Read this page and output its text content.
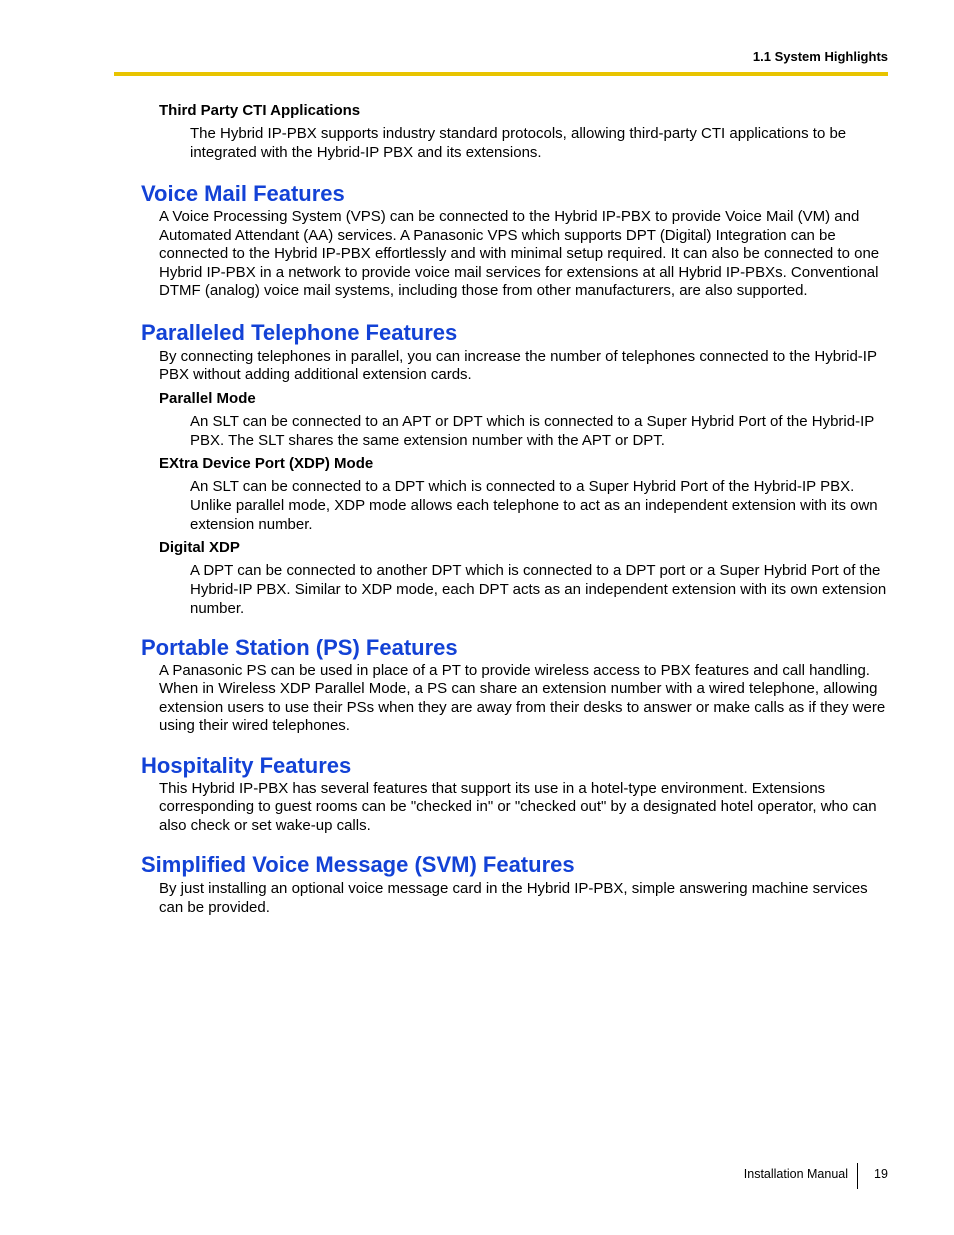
1.1 System Highlights
Third Party CTI Applications
The Hybrid IP-PBX supports industry standard protocols, allowing third-party CTI applications to be integrated with the Hybrid-IP PBX and its extensions.
Voice Mail Features
A Voice Processing System (VPS) can be connected to the Hybrid IP-PBX to provide Voice Mail (VM) and Automated Attendant (AA) services. A Panasonic VPS which supports DPT (Digital) Integration can be connected to the Hybrid IP-PBX effortlessly and with minimal setup required. It can also be connected to one Hybrid IP-PBX in a network to provide voice mail services for extensions at all Hybrid IP-PBXs. Conventional DTMF (analog) voice mail systems, including those from other manufacturers, are also supported.
Paralleled Telephone Features
By connecting telephones in parallel, you can increase the number of telephones connected to the Hybrid-IP PBX without adding additional extension cards.
Parallel Mode
An SLT can be connected to an APT or DPT which is connected to a Super Hybrid Port of the Hybrid-IP PBX. The SLT shares the same extension number with the APT or DPT.
EXtra Device Port (XDP) Mode
An SLT can be connected to a DPT which is connected to a Super Hybrid Port of the Hybrid-IP PBX. Unlike parallel mode, XDP mode allows each telephone to act as an independent extension with its own extension number.
Digital XDP
A DPT can be connected to another DPT which is connected to a DPT port or a Super Hybrid Port of the Hybrid-IP PBX. Similar to XDP mode, each DPT acts as an independent extension with its own extension number.
Portable Station (PS) Features
A Panasonic PS can be used in place of a PT to provide wireless access to PBX features and call handling. When in Wireless XDP Parallel Mode, a PS can share an extension number with a wired telephone, allowing extension users to use their PSs when they are away from their desks to answer or make calls as if they were using their wired telephones.
Hospitality Features
This Hybrid IP-PBX has several features that support its use in a hotel-type environment. Extensions corresponding to guest rooms can be "checked in" or "checked out" by a designated hotel operator, who can also check or set wake-up calls.
Simplified Voice Message (SVM) Features
By just installing an optional voice message card in the Hybrid IP-PBX, simple answering machine services can be provided.
Installation Manual 19
